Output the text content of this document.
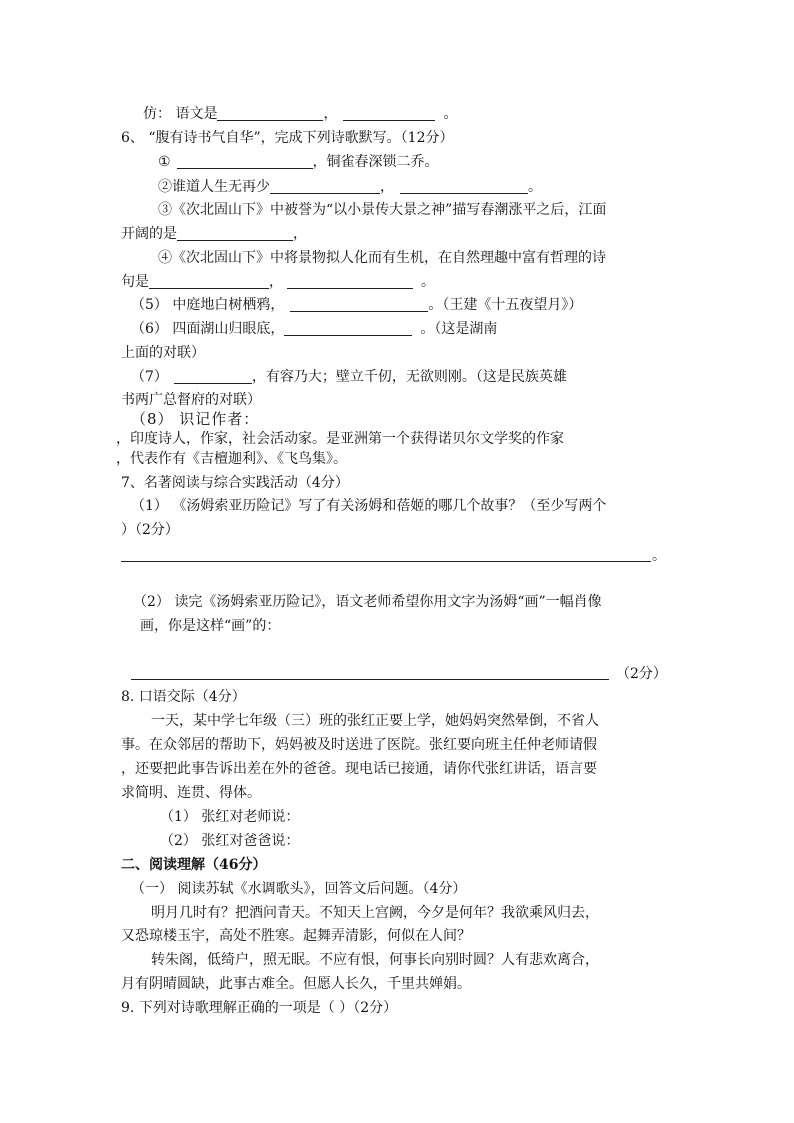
仿： 语文是	，	。
6、 “腹有诗书气自华”，完成下列诗歌默写。（12分）
①	，铜雀春深锁二乔。
②谁道人生无再少	，	。
③《次北固山下》中被誉为“以小景传大景之神”描写春潮涨平之后，江面
开阔的是	，
④《次北固山下》中将景物拟人化而有生机，在自然理趣中富有哲理的诗
句是	，	。
（5） 中庭地白树栖鸦，	。（王建《十五夜望月》）
（6） 四面湖山归眼底，	。（这是湖南
上面的对联）
（7）	，有容乃大；壁立千仞，无欲则刚。（这是民族英雄
书两广总督府的对联）
（8） 识记作者：
，印度诗人，作家，社会活动家。是亚洲第一个获得诺贝尔文学奖的作家
，代表作有《吉檀迦利》、《飞鸟集》。
7、名著阅读与综合实践活动（4分）
（1） 《汤姆索亚历险记》写了有关汤姆和蓓姬的哪几个故事？（至少写两个
）（2分）
。
（2） 读完《汤姆索亚历险记》，语文老师希望你用文字为汤姆“画”一幅肖像
画，你是这样“画”的：
（2分）
8. 口语交际（4分）
一天，某中学七年级（三）班的张红正要上学，她妈妈突然晕倒，不省人
事。在众邻居的帮助下，妈妈被及时送进了医院。张红要向班主任仲老师请假
，还要把此事告诉出差在外的爸爸。现电话已接通，请你代张红讲话，语言要
求简明、连贯、得体。
（1） 张红对老师说：
（2） 张红对爸爸说：
二、阅读理解（46分）
（一） 阅读苏轼《水调歌头》，回答文后问题。（4分）
明月几时有？把酒问青天。不知天上宫阙，今夕是何年？我欲乘风归去，
又恐琼楼玉宇，高处不胜寒。起舞弄清影，何似在人间？
转朱阁，低绮户，照无眠。不应有恨，何事长向别时圆？人有悲欢离合，
月有阴晴圆缺，此事古难全。但愿人长久，千里共婵娟。
9. 下列对诗歌理解正确的一项是（ ）（2分）
